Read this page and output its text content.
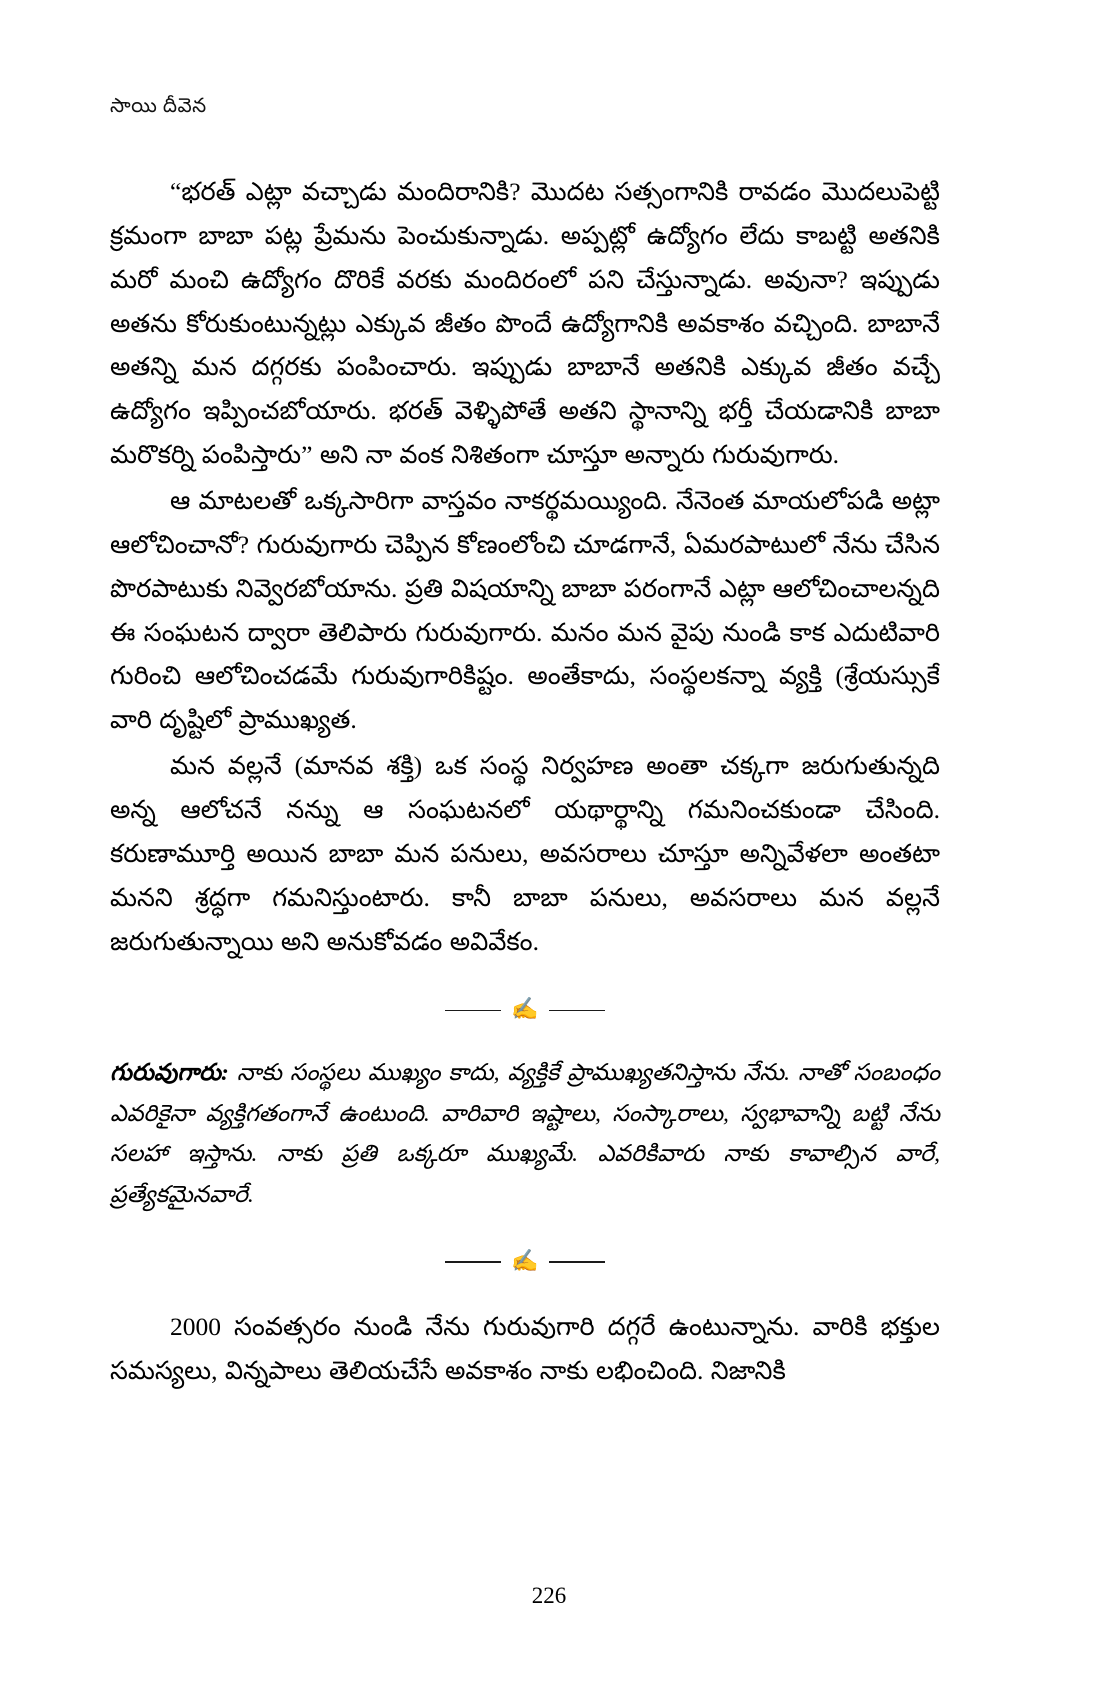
సాయి దీవెన

“భరత్ ఎట్లా వచ్చాడు మందిరానికి? మొదట సత్సంగానికి రావడం మొదలుపెట్టి క్రమంగా బాబా పట్ల ప్రేమను పెంచుకున్నాడు. అప్పట్లో ఉద్యోగం లేదు కాబట్టి అతనికి మరో మంచి ఉద్యోగం దొరికే వరకు మందిరంలో పని చేస్తున్నాడు. అవునా? ఇప్పుడు అతను కోరుకుంటున్నట్లు ఎక్కువ జీతం పొందే ఉద్యోగానికి అవకాశం వచ్చింది. బాబానే అతన్ని మన దగ్గరకు పంపించారు. ఇప్పుడు బాబానే అతనికి ఎక్కువ జీతం వచ్చే ఉద్యోగం ఇప్పించబోయారు. భరత్ వెళ్ళిపోతే అతని స్థానాన్ని భర్తీ చేయడానికి బాబా మరొకర్ని పంపిస్తారు” అని నా వంక నిశితంగా చూస్తూ అన్నారు గురువుగారు.

ఆ మాటలతో ఒక్కసారిగా వాస్తవం నాకర్థమయ్యింది. నేనెంత మాయలోపడి అట్లా ఆలోచించానో? గురువుగారు చెప్పిన కోణంలోంచి చూడగానే, ఏమరపాటులో నేను చేసిన పొరపాటుకు నివ్వెరబోయాను. ప్రతి విషయాన్ని బాబా పరంగానే ఎట్లా ఆలోచించాలన్నది ఈ సంఘటన ద్వారా తెలిపారు గురువుగారు. మనం మన వైపు నుండి కాక ఎదుటివారి గురించి ఆలోచించడమే గురువుగారికిష్టం. అంతేకాదు, సంస్థలకన్నా వ్యక్తి (శ్రేయస్సుకే వారి దృష్టిలో ప్రాముఖ్యత.

మన వల్లనే (మానవ శక్తి) ఒక సంస్థ నిర్వహణ అంతా చక్కగా జరుగుతున్నది అన్న ఆలోచనే నన్ను ఆ సంఘటనలో యథార్థాన్ని గమనించకుండా చేసింది. కరుణామూర్తి అయిన బాబా మన పనులు, అవసరాలు చూస్తూ అన్నివేళలా అంతటా మనని శ్రద్ధగా గమనిస్తుంటారు. కానీ బాబా పనులు, అవసరాలు మన వల్లనే జరుగుతున్నాయి అని అనుకోవడం అవివేకం.

✍
గురువుగారు: నాకు సంస్థలు ముఖ్యం కాదు, వ్యక్తికే ప్రాముఖ్యతనిస్తాను నేను. నాతో సంబంధం ఎవరికైనా వ్యక్తిగతంగానే ఉంటుంది. వారివారి ఇష్టాలు, సంస్కారాలు, స్వభావాన్ని బట్టి నేను సలహా ఇస్తాను. నాకు ప్రతి ఒక్కరూ ముఖ్యమే. ఎవరికివారు నాకు కావాల్సిన వారే, ప్రత్యేకమైనవారే.
✍

2000 సంవత్సరం నుండి నేను గురువుగారి దగ్గరే ఉంటున్నాను. వారికి భక్తుల సమస్యలు, విన్నపాలు తెలియచేసే అవకాశం నాకు లభించింది. నిజానికి

226
